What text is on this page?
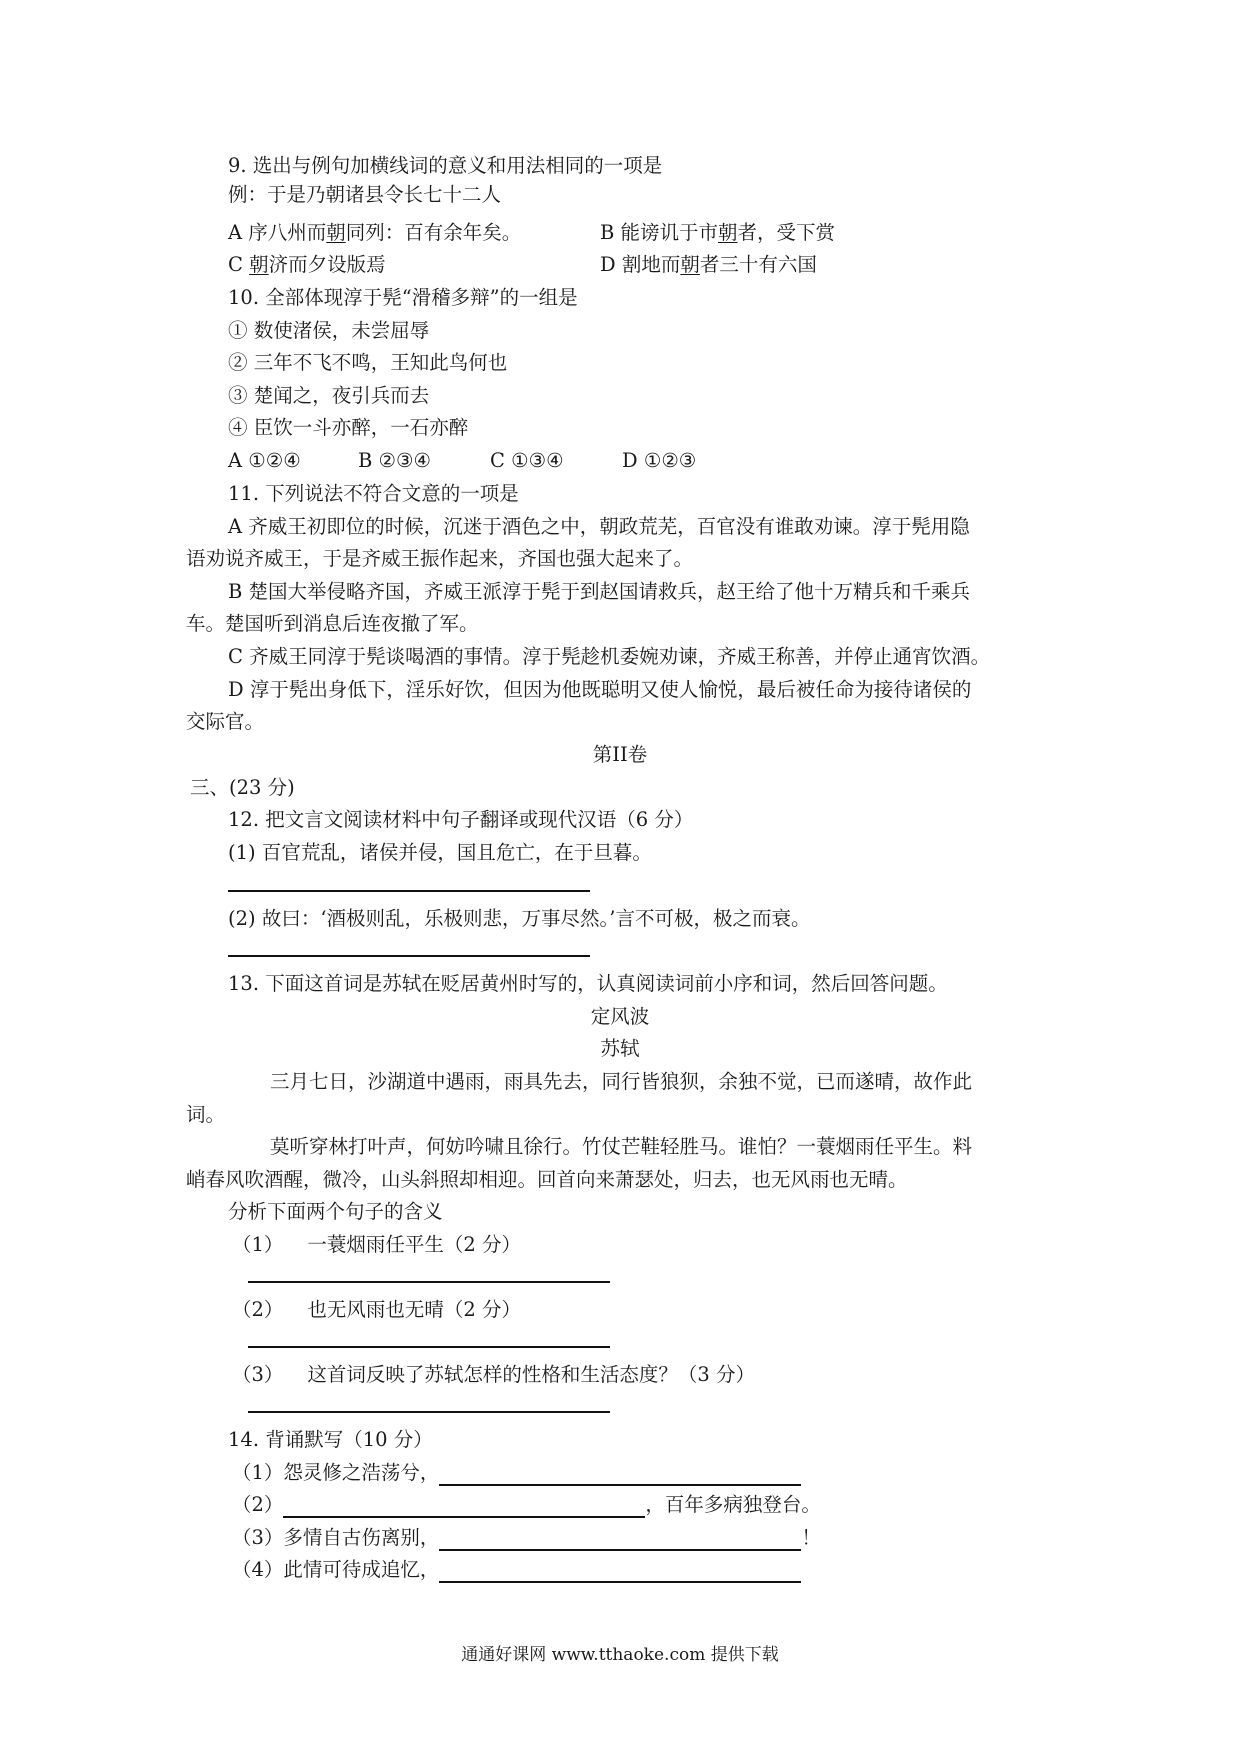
9. 选出与例句加横线词的意义和用法相同的一项是
例：于是乃朝诸县令长七十二人
A 序八州而朝同列：百有余年矣。	B 能谤讥于市朝者，受下赏
C 朝济而夕设版焉	D 割地而朝者三十有六国
10. 全部体现淳于髡“滑稽多辩”的一组是
① 数使渚侯，未尝屈辱
② 三年不飞不鸣，王知此鸟何也
③ 楚闻之，夜引兵而去
④ 臣饮一斗亦醉，一石亦醉
A ①②④	B ②③④	C ①③④	D ①②③
11. 下列说法不符合文意的一项是
A 齐威王初即位的时候，沉迷于酒色之中，朝政荒芜，百官没有谁敢劝谏。淳于髡用隐
语劝说齐威王，于是齐威王振作起来，齐国也强大起来了。
B 楚国大举侵略齐国，齐威王派淳于髡于到赵国请救兵，赵王给了他十万精兵和千乘兵
车。楚国听到消息后连夜撤了军。
C 齐威王同淳于髡谈喝酒的事情。淳于髡趁机委婉劝谏，齐威王称善，并停止通宵饮酒。
D 淳于髡出身低下，淫乐好饮，但因为他既聪明又使人愉悦，最后被任命为接待诸侯的
交际官。
第II卷
三、(23 分)
12. 把文言文阅读材料中句子翻译或现代汉语（6 分）
(1) 百官荒乱，诸侯并侵，国且危亡，在于旦暮。
(2) 故曰：‘酒极则乱，乐极则悲，万事尽然。’言不可极，极之而衰。
13. 下面这首词是苏轼在贬居黄州时写的，认真阅读词前小序和词，然后回答问题。
定风波
苏轼
三月七日，沙湖道中遇雨，雨具先去，同行皆狼狈，余独不觉，已而遂晴，故作此
词。
莫听穿林打叶声，何妨吟啸且徐行。竹仗芒鞋轻胜马。谁怕？一蓑烟雨任平生。料
峭春风吹酒醒，微冷，山头斜照却相迎。回首向来萧瑟处，归去，也无风雨也无晴。
分析下面两个句子的含义
（1） 一蓑烟雨任平生（2 分）
（2） 也无风雨也无晴（2 分）
（3） 这首词反映了苏轼怎样的性格和生活态度？（3 分）
14. 背诵默写（10 分）
（1）怨灵修之浩荡兮，
（2）	，百年多病独登台。
（3）多情自古伤离别，	！
（4）此情可待成追忆，
通通好课网 www.tthaoke.com 提供下载
